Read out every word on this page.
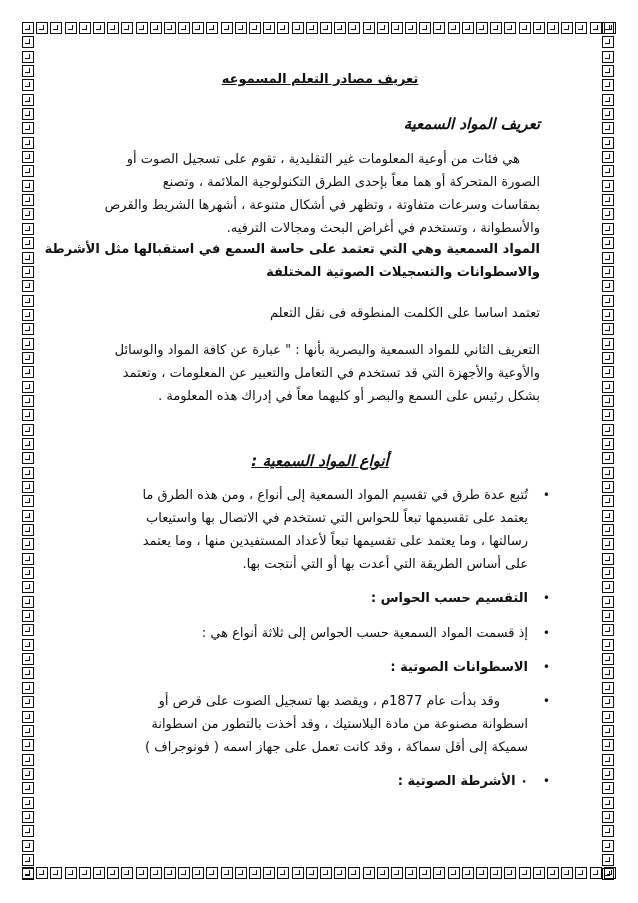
تعريف مصادر التعلم المسموعه
تعريف المواد السمعية
هي فئات من أوعية المعلومات غير التقليدية ، تقوم على تسجيل الصوت أو
الصورة المتحركة أو هما معاً بإحدى الطرق التكنولوجية الملائمة ، وتصنع
بمقاسات وسرعات متفاوتة ، وتظهر في أشكال متنوعة ، أشهرها الشريط والقرص
والأسطوانة ، وتستخدم في أغراض البحث ومجالات الترفيه.
المواد السمعية وهي التي تعتمد على حاسة السمع في استقبالها مثل الأشرطة
والاسطوانات والتسجيلات الصوتية المختلفة
تعتمد اساسا على الكلمت المنطوقه فى نقل التعلم
التعريف الثاني للمواد السمعية والبصرية بأنها : " عبارة عن كافة المواد والوسائل
والأوعية والأجهزة التي قد تستخدم في التعامل والتعبير عن المعلومات ، وتعتمد
بشكل رئيس على السمع والبصر أو كليهما معاً في إدراك هذه المعلومة .
أنواع المواد السمعية :
•
تُتبع عدة طرق في تقسيم المواد السمعية إلى أنواع ، ومن هذه الطرق ما
يعتمد على تقسيمها تبعاً للحواس التي تستخدم في الاتصال بها واستيعاب
رسالتها ، وما يعتمد على تقسيمها تبعاً لأعداد المستفيدين منها ، وما يعتمد
على أساس الطريقة التي أعدت بها أو التي أنتجت بها.
•
التقسيم حسب الحواس :
•
إذ قسمت المواد السمعية حسب الحواس إلى ثلاثة أنواع هي :
•
الاسطوانات الصوتية :
•
وقد بدأت عام 1877م ، ويقصد بها تسجيل الصوت على قرص أو
اسطوانة مصنوعة من مادة البلاستيك ، وقد أخذت بالتطور من اسطوانة
سميكة إلى أقل سماكة ، وقد كانت تعمل على جهاز اسمه ( فونوجراف )
•
٠ الأشرطة الصوتية :
